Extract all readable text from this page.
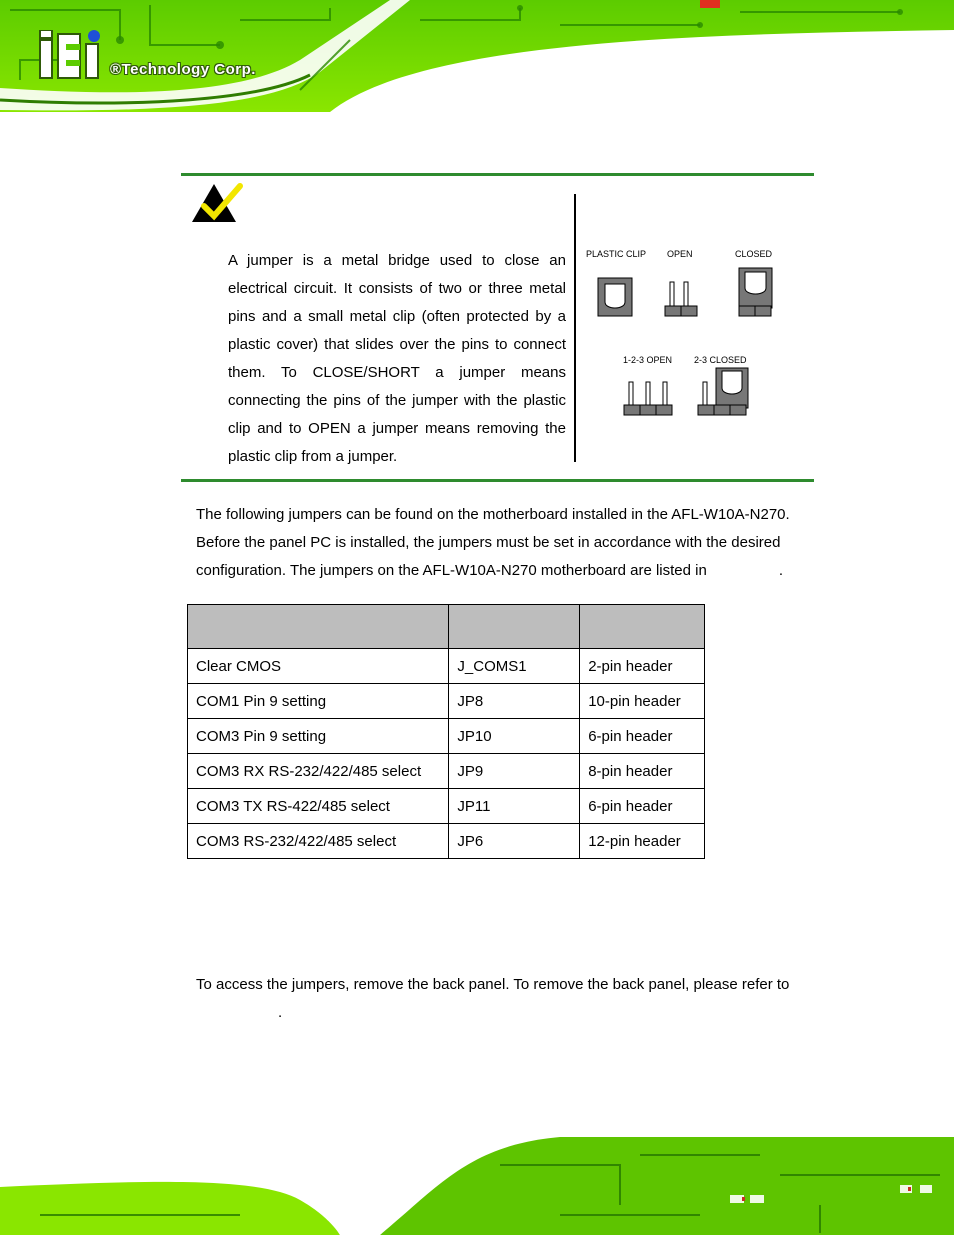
®Technology Corp.
A jumper is a metal bridge used to close an electrical circuit. It consists of two or three metal pins and a small metal clip (often protected by a plastic cover) that slides over the pins to connect them. To CLOSE/SHORT a jumper means connecting the pins of the jumper with the plastic clip and to OPEN a jumper means removing the plastic clip from a jumper.
PLASTIC CLIP OPEN	CLOSED
1-2-3 OPEN 2-3 CLOSED
The following jumpers can be found on the motherboard installed in the AFL-W10A-N270. Before the panel PC is installed, the jumpers must be set in accordance with the desired configuration. The jumpers on the AFL-W10A-N270 motherboard are listed in	.

Clear CMOS	J_COMS1	2-pin header
COM1 Pin 9 setting	JP8	10-pin header
COM3 Pin 9 setting	JP10	6-pin header
COM3 RX RS-232/422/485 select	JP9	8-pin header
COM3 TX RS-422/485 select	JP11	6-pin header
COM3 RS-232/422/485 select	JP6	12-pin header
To access the jumpers, remove the back panel. To remove the back panel, please refer to
.
